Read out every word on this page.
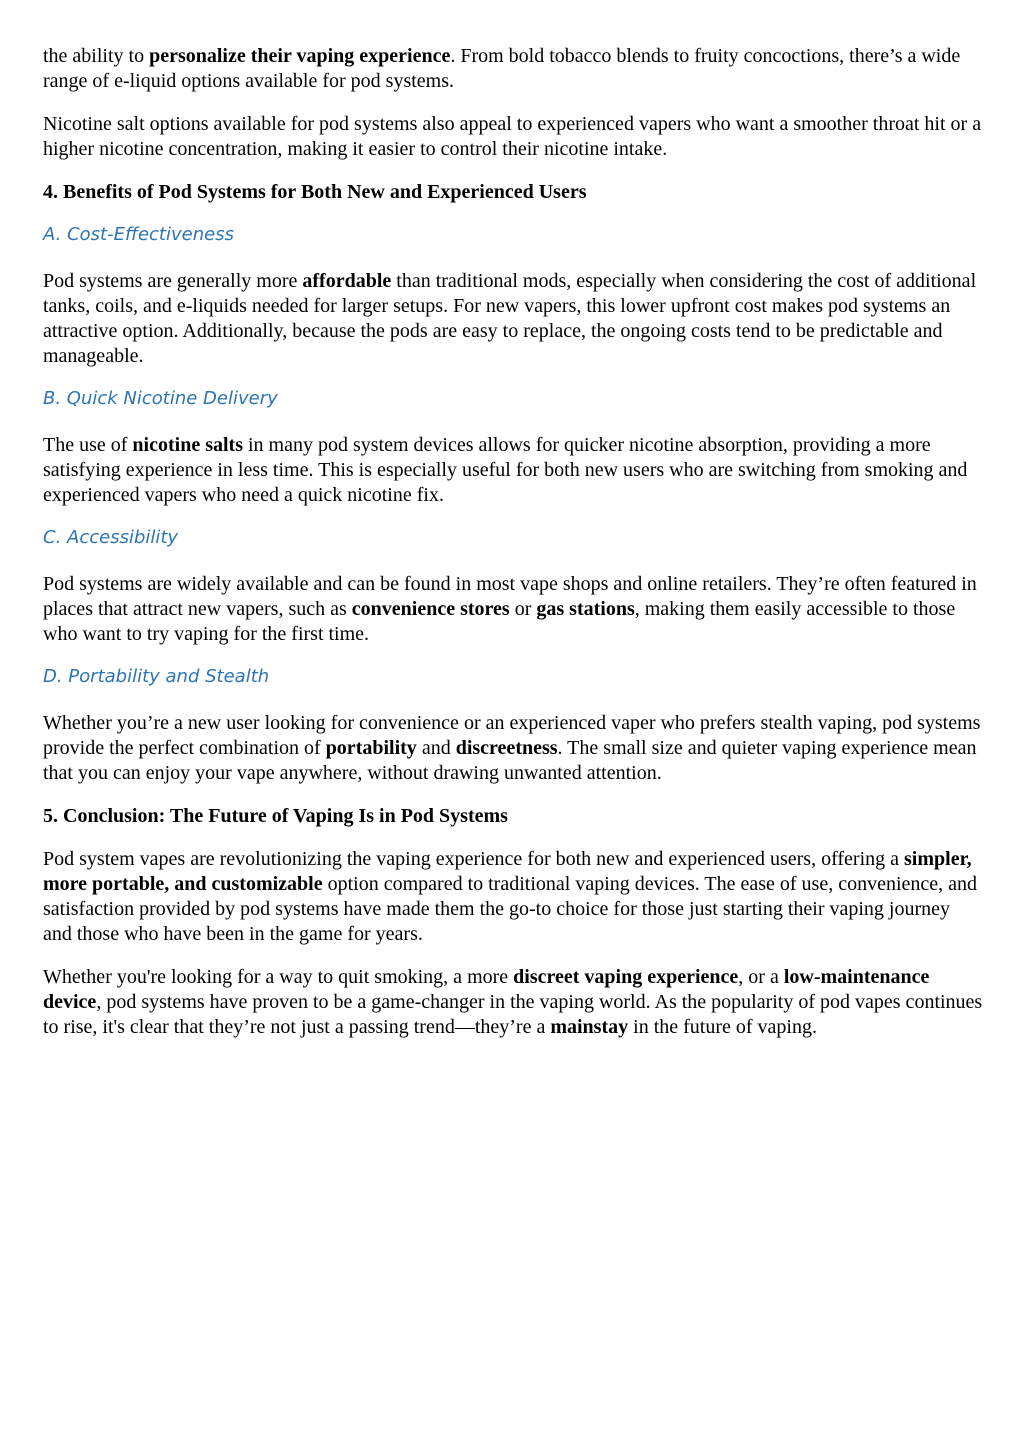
the ability to personalize their vaping experience. From bold tobacco blends to fruity concoctions, there’s a wide range of e-liquid options available for pod systems.

Nicotine salt options available for pod systems also appeal to experienced vapers who want a smoother throat hit or a higher nicotine concentration, making it easier to control their nicotine intake.

4. Benefits of Pod Systems for Both New and Experienced Users
A. Cost-Effectiveness

Pod systems are generally more affordable than traditional mods, especially when considering the cost of additional tanks, coils, and e-liquids needed for larger setups. For new vapers, this lower upfront cost makes pod systems an attractive option. Additionally, because the pods are easy to replace, the ongoing costs tend to be predictable and manageable.

B. Quick Nicotine Delivery

The use of nicotine salts in many pod system devices allows for quicker nicotine absorption, providing a more satisfying experience in less time. This is especially useful for both new users who are switching from smoking and experienced vapers who need a quick nicotine fix.

C. Accessibility

Pod systems are widely available and can be found in most vape shops and online retailers. They’re often featured in places that attract new vapers, such as convenience stores or gas stations, making them easily accessible to those who want to try vaping for the first time.

D. Portability and Stealth

Whether you’re a new user looking for convenience or an experienced vaper who prefers stealth vaping, pod systems provide the perfect combination of portability and discreetness. The small size and quieter vaping experience mean that you can enjoy your vape anywhere, without drawing unwanted attention.

5. Conclusion: The Future of Vaping Is in Pod Systems

Pod system vapes are revolutionizing the vaping experience for both new and experienced users, offering a simpler, more portable, and customizable option compared to traditional vaping devices. The ease of use, convenience, and satisfaction provided by pod systems have made them the go-to choice for those just starting their vaping journey and those who have been in the game for years.

Whether you're looking for a way to quit smoking, a more discreet vaping experience, or a low-maintenance device, pod systems have proven to be a game-changer in the vaping world. As the popularity of pod vapes continues to rise, it's clear that they’re not just a passing trend—they’re a mainstay in the future of vaping.
